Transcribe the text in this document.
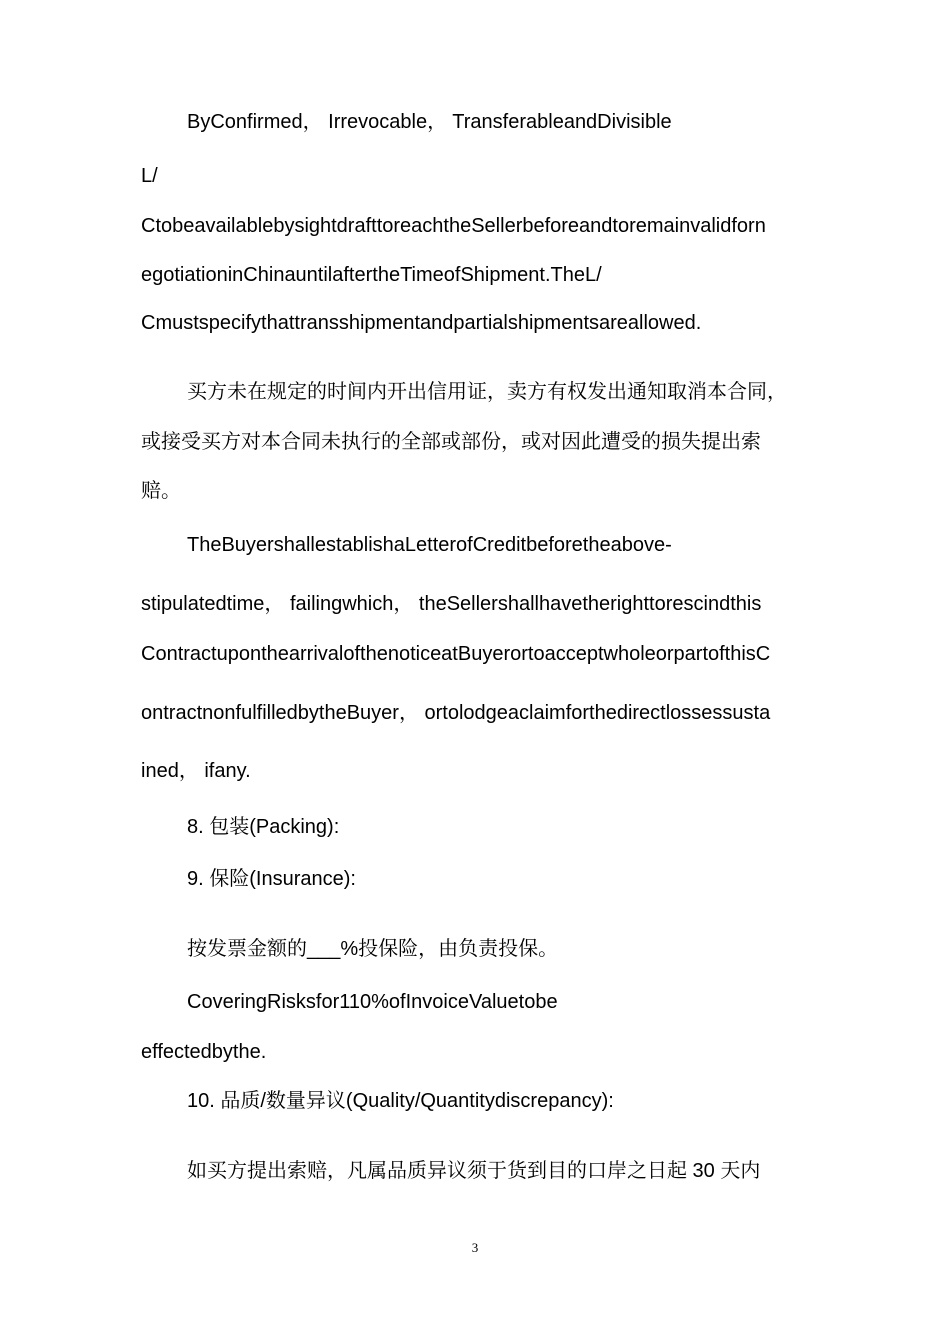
ByConfirmed， Irrevocable， TransferableandDivisible

L/

CtobeavailablebysightdrafttoreachtheSellerbeforeandtoremainvalidforn

egotiationinChinauntilaftertheTimeofShipment.TheL/

Cmustspecifythattransshipmentandpartialshipmentsareallowed.

买方未在规定的时间内开出信用证，卖方有权发出通知取消本合同，

或接受买方对本合同未执行的全部或部份，或对因此遭受的损失提出索

赔。

TheBuyershallestablishaLetterofCreditbeforetheabove-

stipulatedtime， failingwhich， theSellershallhavetherighttorescindthis

ContractuponthearrivalofthenoticeatBuyerortoacceptwholeorpartofthisC

ontractnonfulfilledbytheBuyer， ortolodgeaclaimforthedirectlossessusta

ined， ifany.

8. 包装(Packing):

9. 保险(Insurance):

按发票金额的___%投保险，由负责投保。

CoveringRisksfor110%ofInvoiceValuetobe

effectedbythe.

10. 品质/数量异议(Quality/Quantitydiscrepancy):

如买方提出索赔，凡属品质异议须于货到目的口岸之日起 30 天内

3
